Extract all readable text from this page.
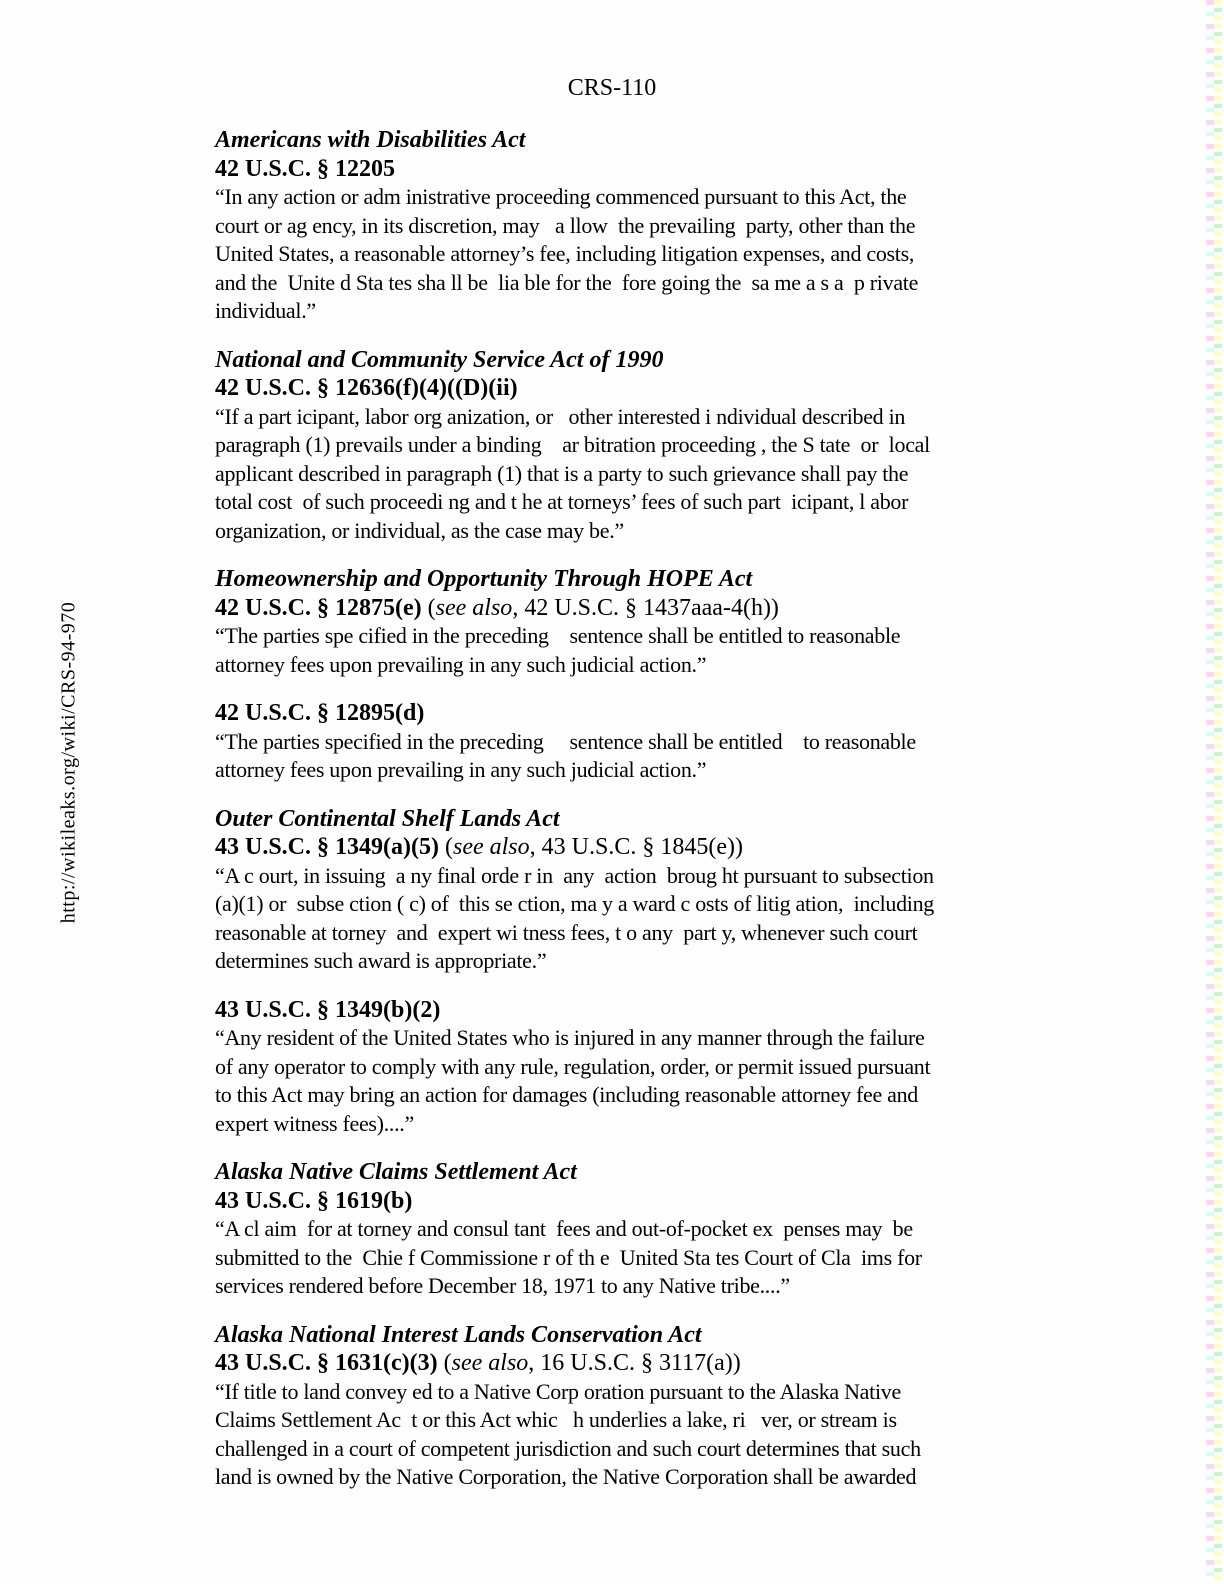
CRS-110
http://wikileaks.org/wiki/CRS-94-970
Americans with Disabilities Act
42 U.S.C. § 12205
“In any action or adm inistrative proceeding commenced pursuant to this Act, the
court or ag ency, in its discretion, may   a llow  the prevailing  party, other than the
United States, a reasonable attorney’s fee, including litigation expenses, and costs,
and the  Unite d Sta tes sha ll be  lia ble for the  fore going the  sa me a s a  p rivate
individual.”
National and Community Service Act of 1990
42 U.S.C. § 12636(f)(4)((D)(ii)
“If a part icipant, labor org anization, or   other interested i ndividual described in
paragraph (1) prevails under a binding    ar bitration proceeding , the S tate  or  local
applicant described in paragraph (1) that is a party to such grievance shall pay the
total cost  of such proceedi ng and t he at torneys’ fees of such part  icipant, l abor
organization, or individual, as the case may be.”
Homeownership and Opportunity Through HOPE Act
42 U.S.C. § 12875(e) (see also, 42 U.S.C. § 1437aaa-4(h))
“The parties spe cified in the preceding    sentence shall be entitled to reasonable
attorney fees upon prevailing in any such judicial action.”
42 U.S.C. § 12895(d)
“The parties specified in the preceding     sentence shall be entitled    to reasonable
attorney fees upon prevailing in any such judicial action.”
Outer Continental Shelf Lands Act
43 U.S.C. § 1349(a)(5) (see also, 43 U.S.C. § 1845(e))
“A c ourt, in issuing  a ny final orde r in  any  action  broug ht pursuant to subsection
(a)(1) or  subse ction ( c) of  this se ction, ma y a ward c osts of litig ation,  including
reasonable at torney  and  expert wi tness fees, t o any  part y, whenever such court
determines such award is appropriate.”
43 U.S.C. § 1349(b)(2)
“Any resident of the United States who is injured in any manner through the failure
of any operator to comply with any rule, regulation, order, or permit issued pursuant
to this Act may bring an action for damages (including reasonable attorney fee and
expert witness fees)....”
Alaska Native Claims Settlement Act
43 U.S.C. § 1619(b)
“A cl aim  for at torney and consul tant  fees and out-of-pocket ex  penses may  be
submitted to the  Chie f Commissione r of th e  United Sta tes Court of Cla  ims for
services rendered before December 18, 1971 to any Native tribe....”
Alaska National Interest Lands Conservation Act
43 U.S.C. § 1631(c)(3) (see also, 16 U.S.C. § 3117(a))
“If title to land convey ed to a Native Corp oration pursuant to the Alaska Native
Claims Settlement Ac  t or this Act whic   h underlies a lake, ri   ver, or stream is
challenged in a court of competent jurisdiction and such court determines that such
land is owned by the Native Corporation, the Native Corporation shall be awarded
